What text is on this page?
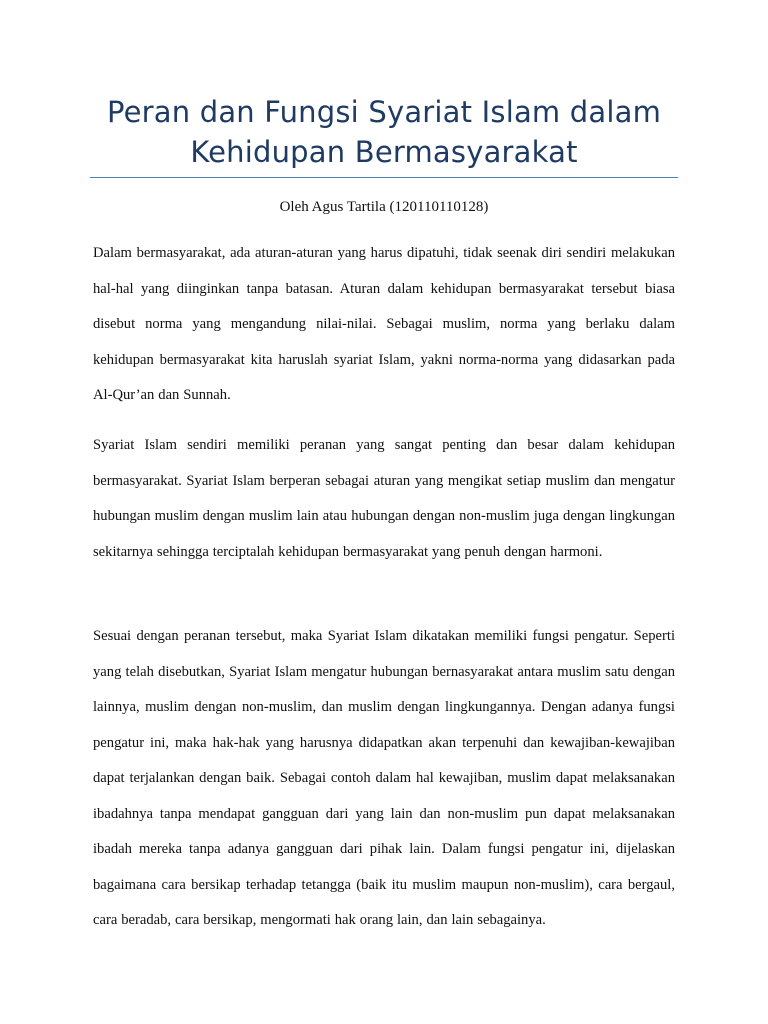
Peran dan Fungsi Syariat Islam dalam
Kehidupan Bermasyarakat

Oleh Agus Tartila (120110110128)

Dalam bermasyarakat, ada aturan-aturan yang harus dipatuhi, tidak seenak diri sendiri melakukan hal-hal yang diinginkan tanpa batasan. Aturan dalam kehidupan bermasyarakat tersebut biasa disebut norma yang mengandung nilai-nilai. Sebagai muslim, norma yang berlaku dalam kehidupan bermasyarakat kita haruslah syariat Islam, yakni norma-norma yang didasarkan pada Al-Qur’an dan Sunnah.

Syariat Islam sendiri memiliki peranan yang sangat penting dan besar dalam kehidupan bermasyarakat. Syariat Islam berperan sebagai aturan yang mengikat setiap muslim dan mengatur hubungan muslim dengan muslim lain atau hubungan dengan non-muslim juga dengan lingkungan sekitarnya sehingga terciptalah kehidupan bermasyarakat yang penuh dengan harmoni.

Sesuai dengan peranan tersebut, maka Syariat Islam dikatakan memiliki fungsi pengatur. Seperti yang telah disebutkan, Syariat Islam mengatur hubungan bernasyarakat antara muslim satu dengan lainnya, muslim dengan non-muslim, dan muslim dengan lingkungannya. Dengan adanya fungsi pengatur ini, maka hak-hak yang harusnya didapatkan akan terpenuhi dan kewajiban-kewajiban dapat terjalankan dengan baik. Sebagai contoh dalam hal kewajiban, muslim dapat melaksanakan ibadahnya tanpa mendapat gangguan dari yang lain dan non-muslim pun dapat melaksanakan ibadah mereka tanpa adanya gangguan dari pihak lain. Dalam fungsi pengatur ini, dijelaskan bagaimana cara bersikap terhadap tetangga (baik itu muslim maupun non-muslim), cara bergaul, cara beradab, cara bersikap, mengormati hak orang lain, dan lain sebagainya.
